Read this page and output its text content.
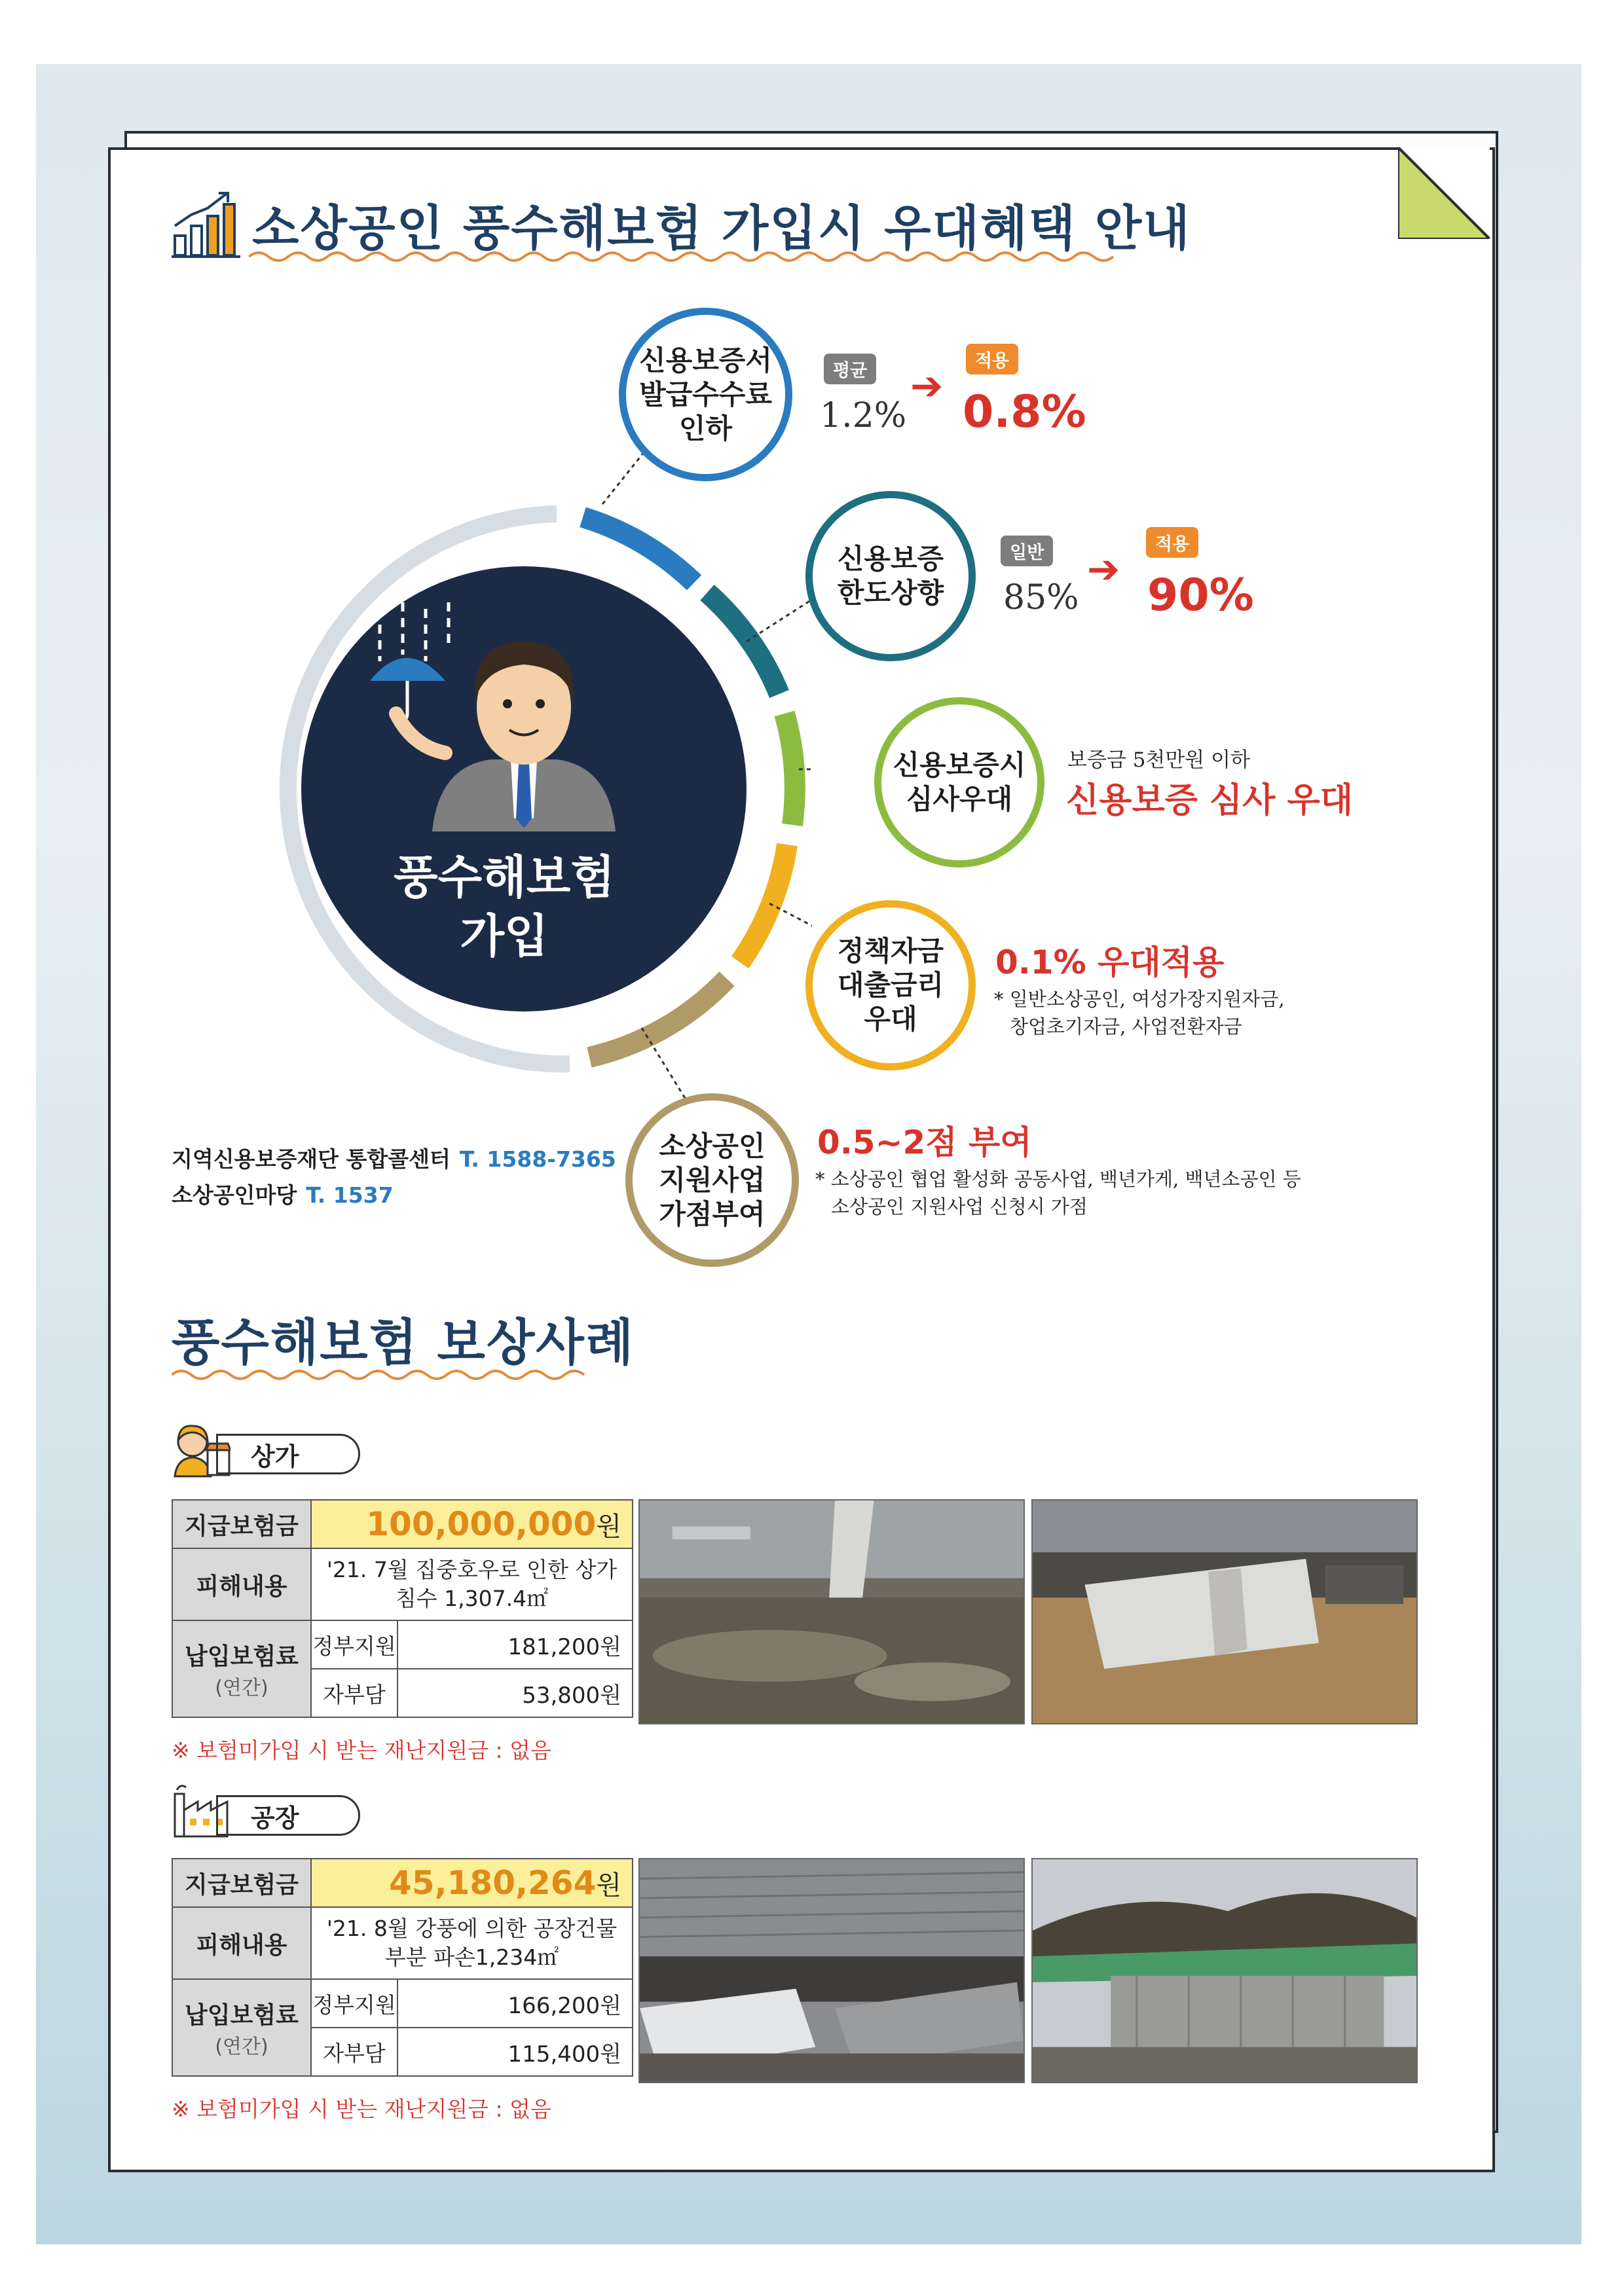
소상공인 풍수해보험 가입시 우대혜택 안내
풍수해보험
가입
신용보증서
발급수수료
인하
평균
1.2%
➔
적용
0.8%
신용보증
한도상향
일반
85%
➔
적용
90%
신용보증시
심사우대
보증금 5천만원 이하
신용보증 심사 우대
정책자금
대출금리
우대
0.1% 우대적용
* 일반소상공인, 여성가장지원자금,
창업초기자금, 사업전환자금
소상공인
지원사업
가점부여
0.5~2점 부여
* 소상공인 협업 활성화 공동사업, 백년가게, 백년소공인 등
소상공인 지원사업 신청시 가점
지역신용보증재단 통합콜센터 T. 1588-7365
소상공인마당 T. 1537
풍수해보험 보상사례
상가
지급보험금	100,000,000원	
피해내용	'21. 7월 집중호우로 인한 상가
침수 1,307.4㎡	

납입보험료
(연간)	정부지원	181,200원
	자부담	53,800원
※ 보험미가입 시 받는 재난지원금 : 없음
공장
지급보험금	45,180,264원	
피해내용	'21. 8월 강풍에 의한 공장건물
부분 파손1,234㎡	

납입보험료
(연간)	정부지원	166,200원
	자부담	115,400원
※ 보험미가입 시 받는 재난지원금 : 없음
